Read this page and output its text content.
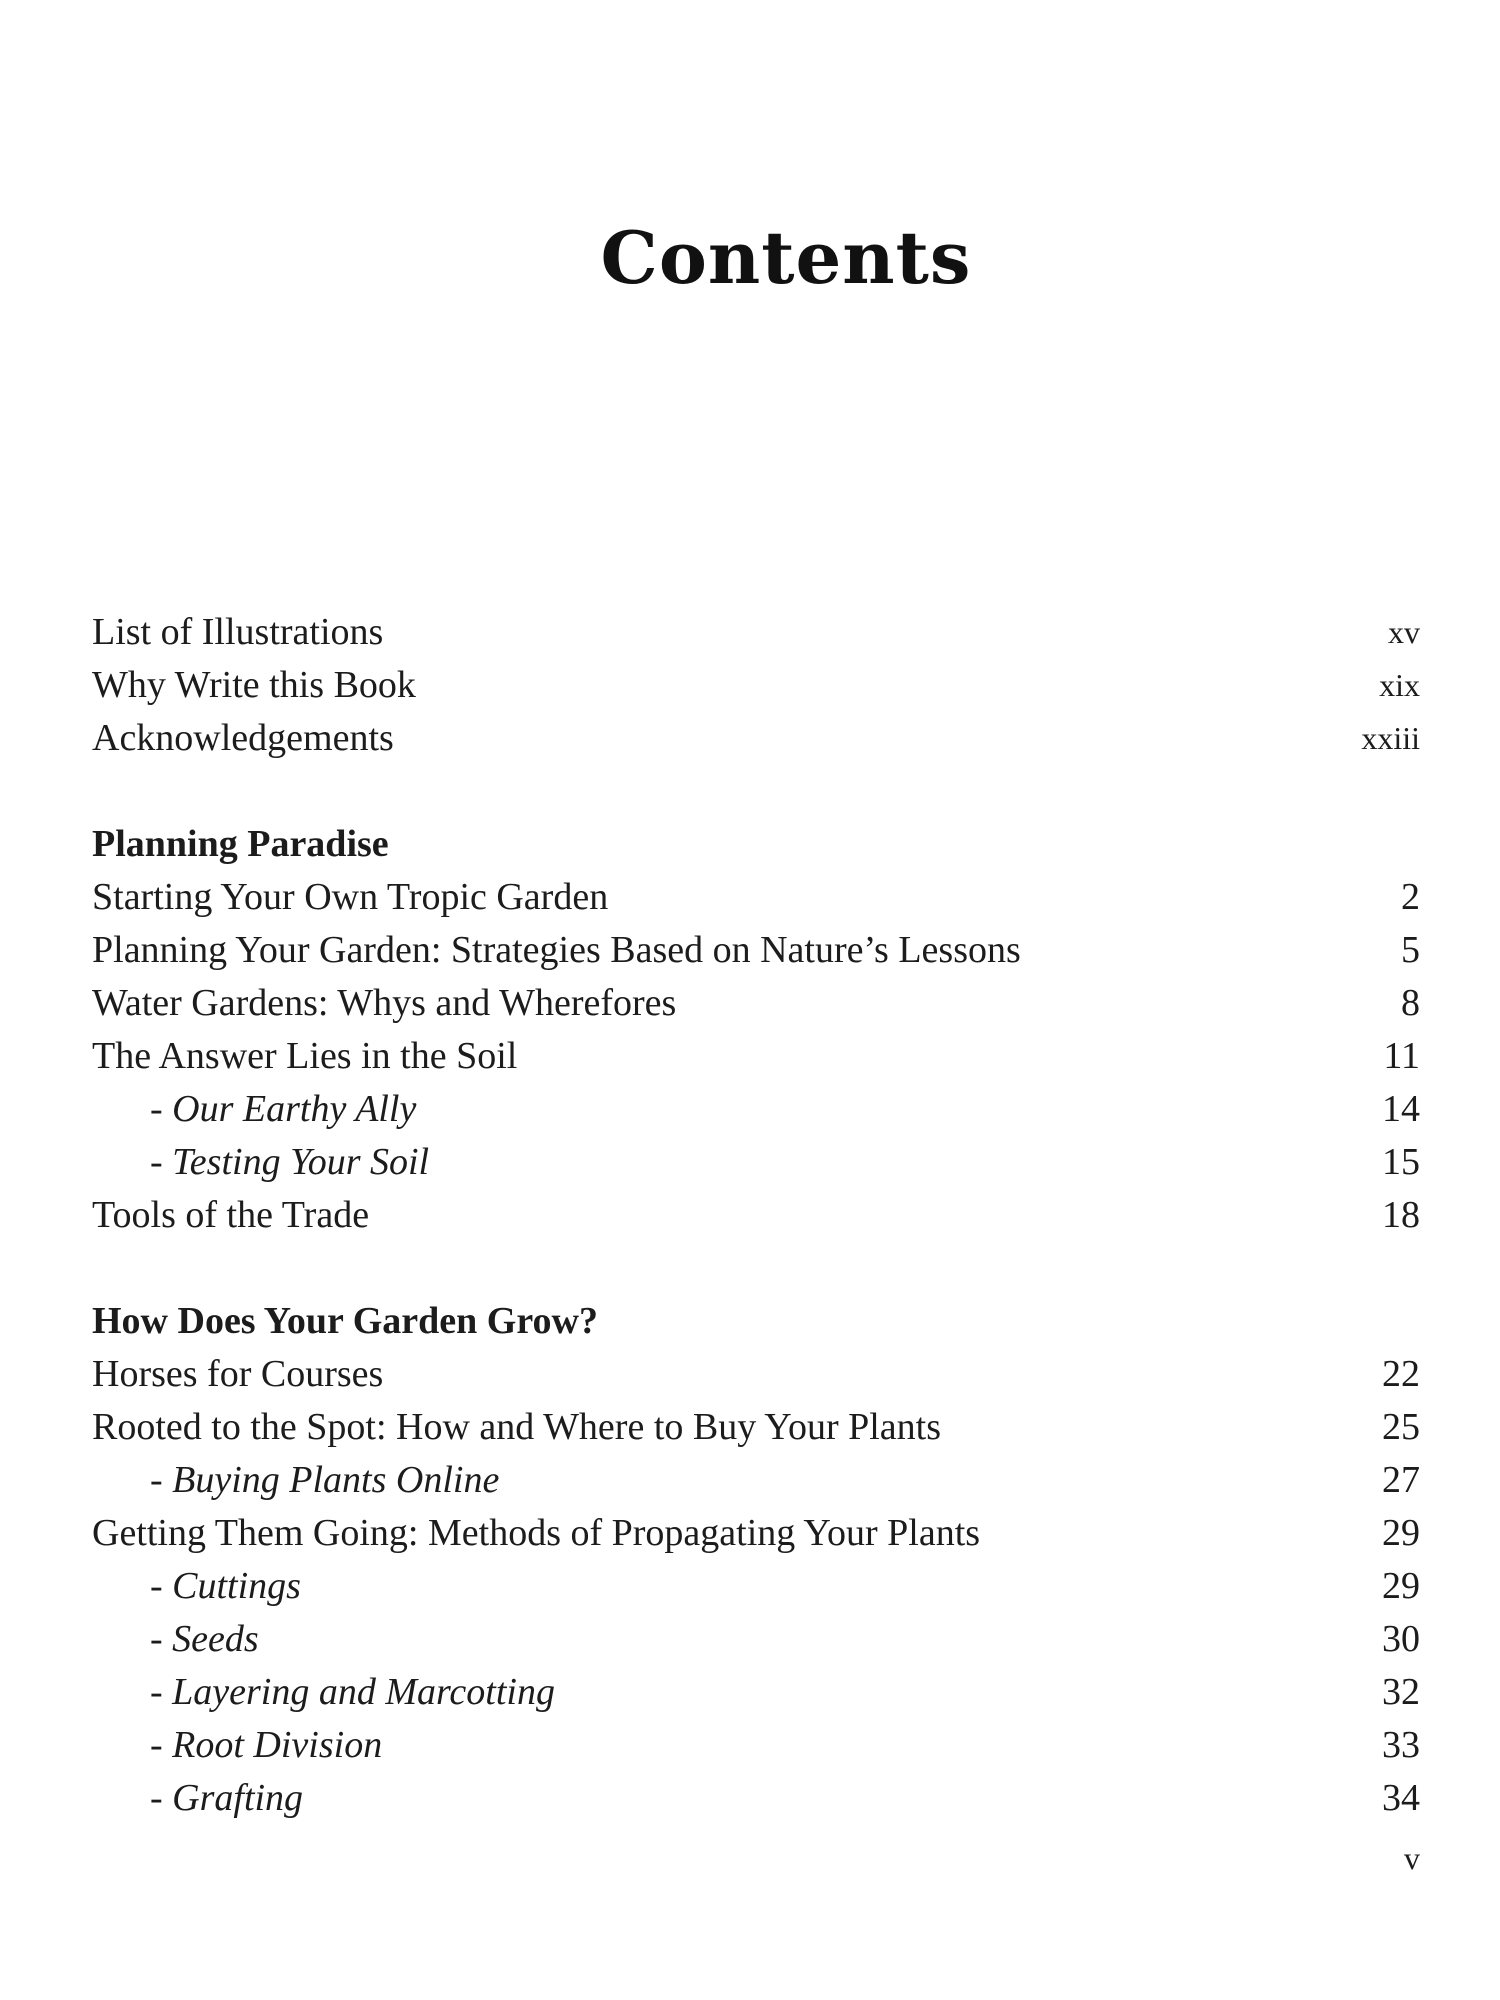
Contents
List of Illustrations	xv
Why Write this Book	xix
Acknowledgements	xxiii
Planning Paradise
Starting Your Own Tropic Garden	2
Planning Your Garden: Strategies Based on Nature’s Lessons	5
Water Gardens: Whys and Wherefores	8
The Answer Lies in the Soil	11
- Our Earthy Ally	14
- Testing Your Soil	15
Tools of the Trade	18
How Does Your Garden Grow?
Horses for Courses	22
Rooted to the Spot: How and Where to Buy Your Plants	25
- Buying Plants Online	27
Getting Them Going: Methods of Propagating Your Plants	29
- Cuttings	29
- Seeds	30
- Layering and Marcotting	32
- Root Division	33
- Grafting	34
v
